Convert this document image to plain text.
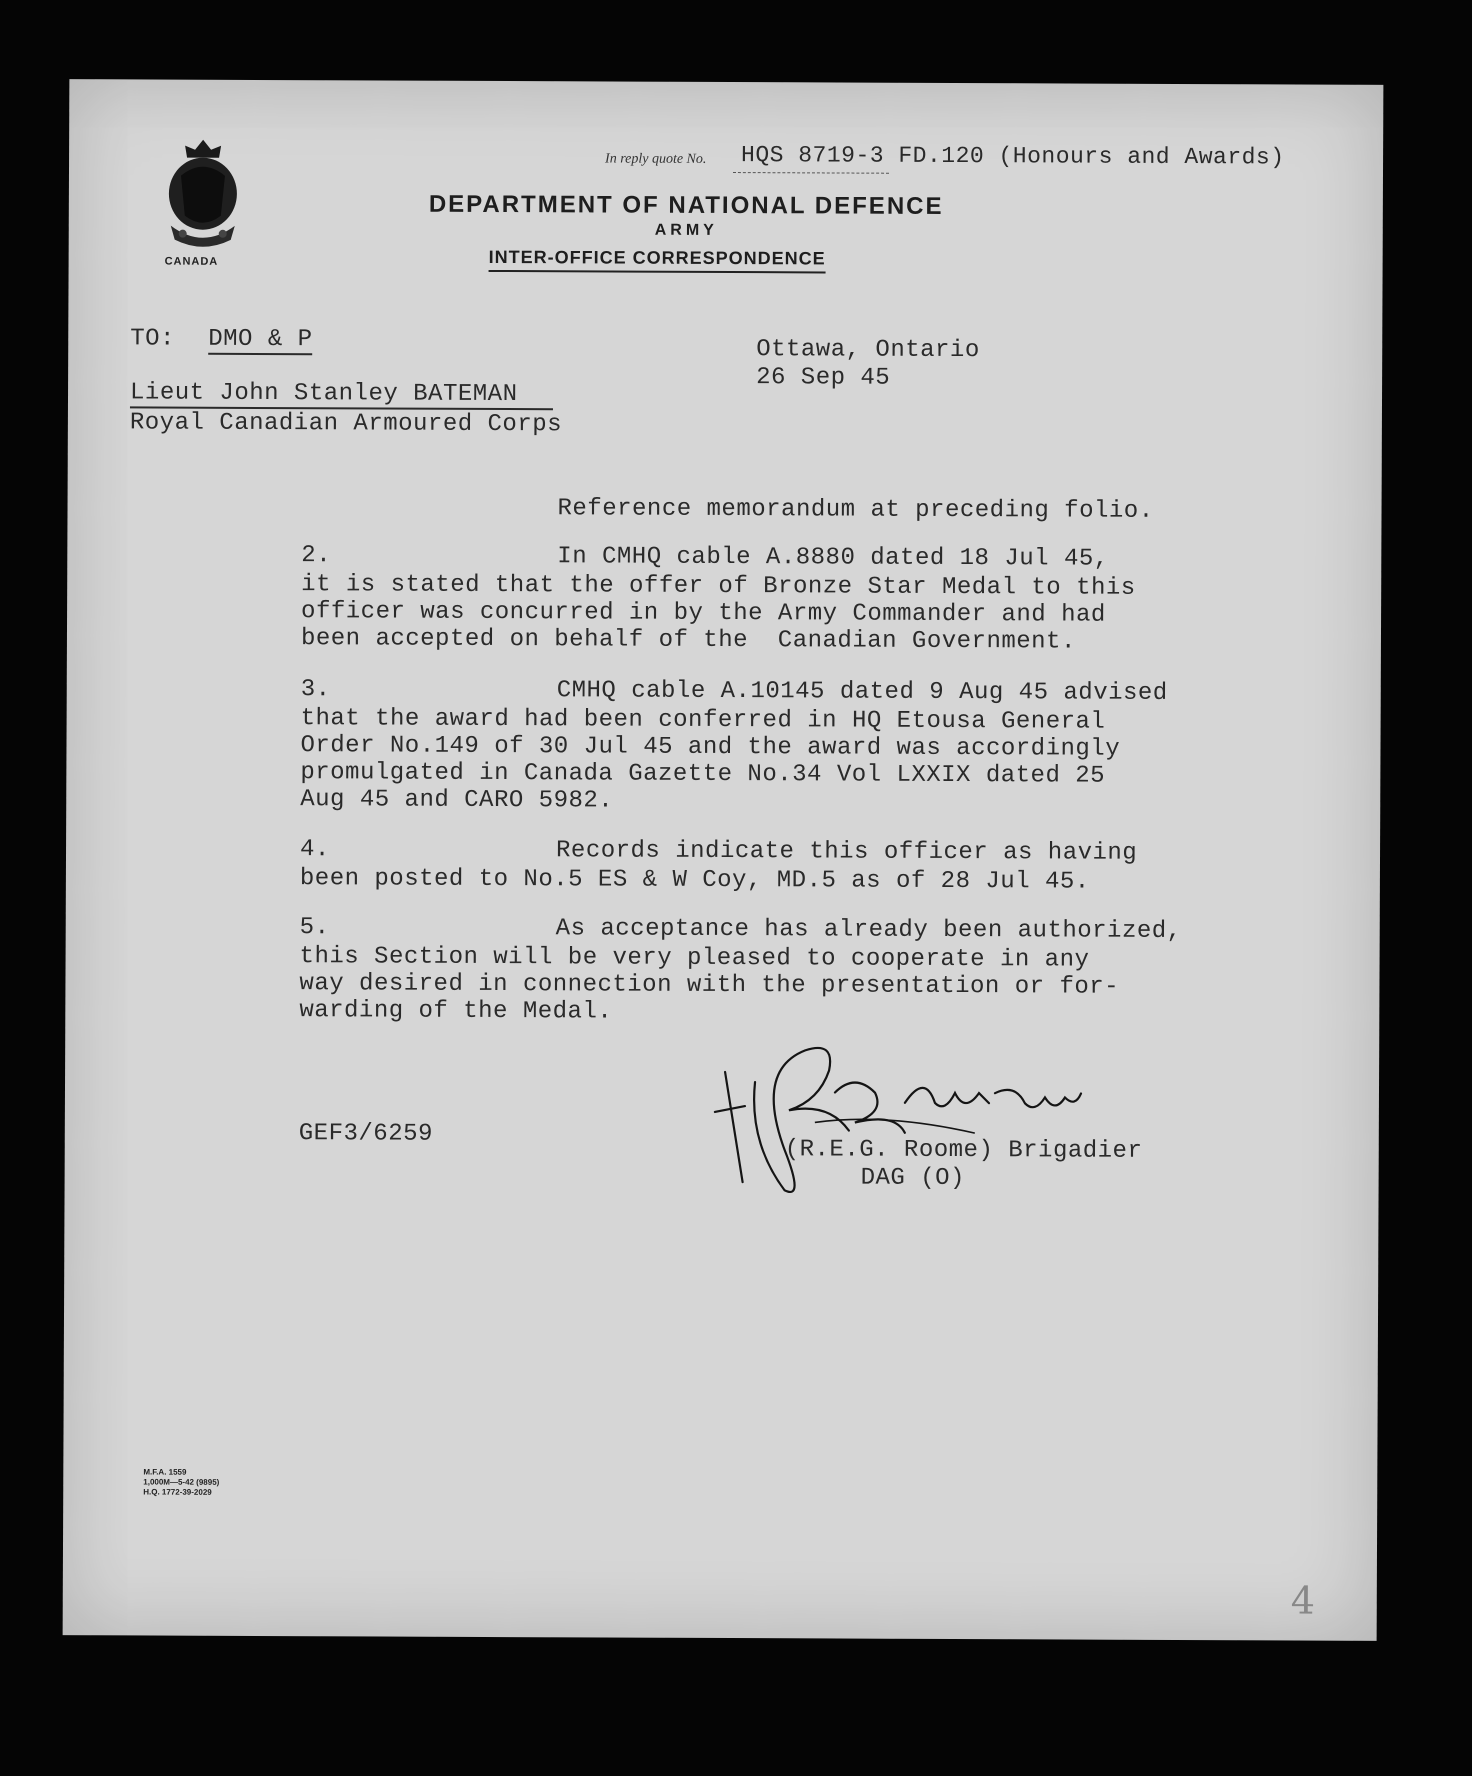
CANADA
In reply quote No. HQS 8719-3 FD.120 (Honours and Awards)
DEPARTMENT OF NATIONAL DEFENCE
ARMY
INTER-OFFICE CORRESPONDENCE
TO: DMO & P	Ottawa, Ontario
26 Sep 45
Lieut John Stanley BATEMAN
Royal Canadian Armoured Corps
Reference memorandum at preceding folio.
2.	In CMHQ cable A.8880 dated 18 Jul 45,
it is stated that the offer of Bronze Star Medal to this
officer was concurred in by the Army Commander and had
been accepted on behalf of the  Canadian Government.
3.	CMHQ cable A.10145 dated 9 Aug 45 advised
that the award had been conferred in HQ Etousa General
Order No.149 of 30 Jul 45 and the award was accordingly
promulgated in Canada Gazette No.34 Vol LXXIX dated 25
Aug 45 and CARO 5982.
4.	Records indicate this officer as having
been posted to No.5 ES & W Coy, MD.5 as of 28 Jul 45.
5.	As acceptance has already been authorized,
this Section will be very pleased to cooperate in any
way desired in connection with the presentation or for-
warding of the Medal.
GEF3/6259
(R.E.G. Roome) Brigadier
DAG (O)
M.F.A. 1559
1,000M—5-42 (9895)
H.Q. 1772-39-2029
4
